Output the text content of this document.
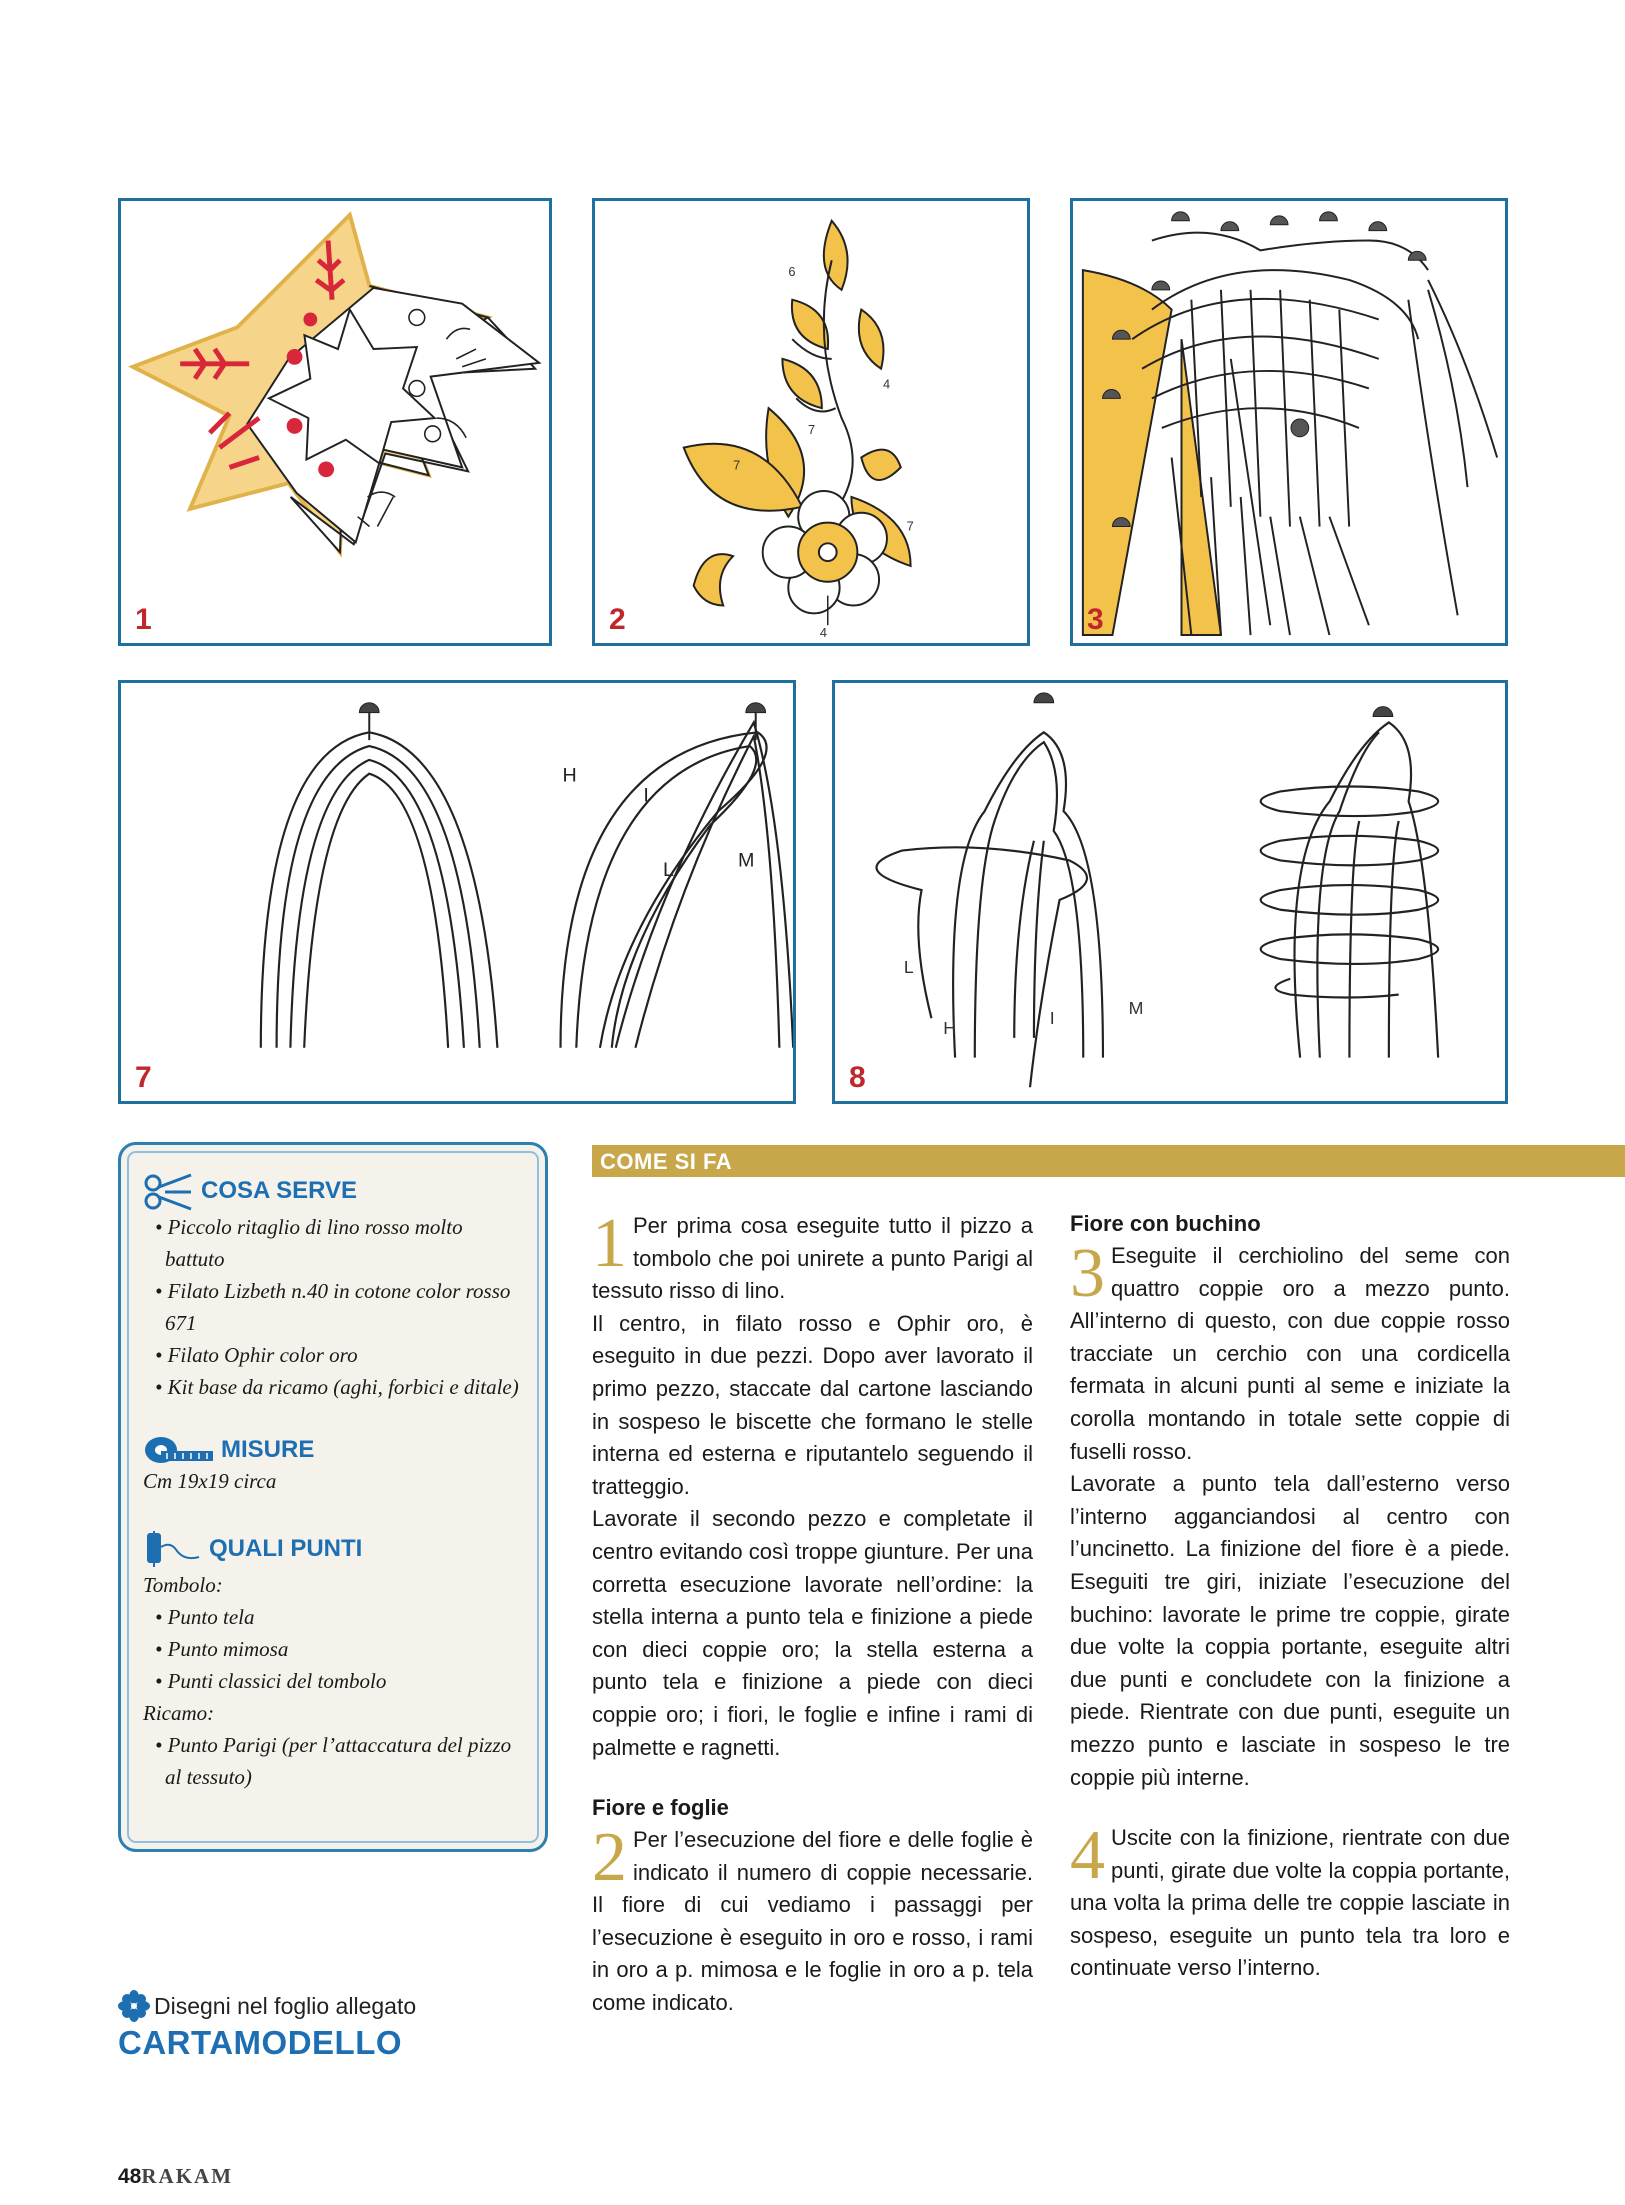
1
6
4
7
7
7
4
2	3
H
I
L	M
7
L
H	I	M
8
COSA SERVE
• Piccolo ritaglio di lino rosso molto battuto
• Filato Lizbeth n.40 in cotone color rosso 671
• Filato Ophir color oro
• Kit base da ricamo (aghi, forbici e ditale)
MISURE
Cm 19x19 circa
QUALI PUNTI
Tombolo:
• Punto tela
• Punto mimosa
• Punti classici del tombolo
Ricamo:
• Punto Parigi (per l’attaccatura del pizzo al tessuto)
Disegni nel foglio allegato
CARTAMODELLO
COME SI FA

1 Per prima cosa eseguite tutto il pizzo a tombolo che poi unirete a punto Parigi al tessuto risso di lino.

Il centro, in filato rosso e Ophir oro, è eseguito in due pezzi. Dopo aver lavorato il primo pezzo, staccate dal cartone lasciando in sospeso le biscette che formano le stelle interna ed esterna e riputantelo seguendo il tratteggio.

Lavorate il secondo pezzo e completate il centro evitando così troppe giunture. Per una corretta esecuzione lavorate nell’ordine: la stella interna a punto tela e finizione a piede con dieci coppie oro; la stella esterna a punto tela e finizione a piede con dieci coppie oro; i fiori, le foglie e infine i rami di palmette e ragnetti.

Fiore e foglie

2 Per l’esecuzione del fiore e delle foglie è indicato il numero di coppie necessarie. Il fiore di cui vediamo i passaggi per l’esecuzione è eseguito in oro e rosso, i rami in oro a p. mimosa e le foglie in oro a p. tela come indicato.

Fiore con buchino

3 Eseguite il cerchiolino del seme con quattro coppie oro a mezzo punto. All’interno di questo, con due coppie rosso tracciate un cerchio con una cordicella fermata in alcuni punti al seme e iniziate la corolla montando in totale sette coppie di fuselli rosso.

Lavorate a punto tela dall’esterno verso l’interno agganciandosi al centro con l’uncinetto. La finizione del fiore è a piede. Eseguiti tre giri, iniziate l’esecuzione del buchino: lavorate le prime tre coppie, girate due volte la coppia portante, eseguite altri due punti e concludete con la finizione a piede. Rientrate con due punti, eseguite un mezzo punto e lasciate in sospeso le tre coppie più interne.

4 Uscite con la finizione, rientrate con due punti, girate due volte la coppia portante, una volta la prima delle tre coppie lasciate in sospeso, eseguite un punto tela tra loro e continuate verso l’interno.

48RAKAM
